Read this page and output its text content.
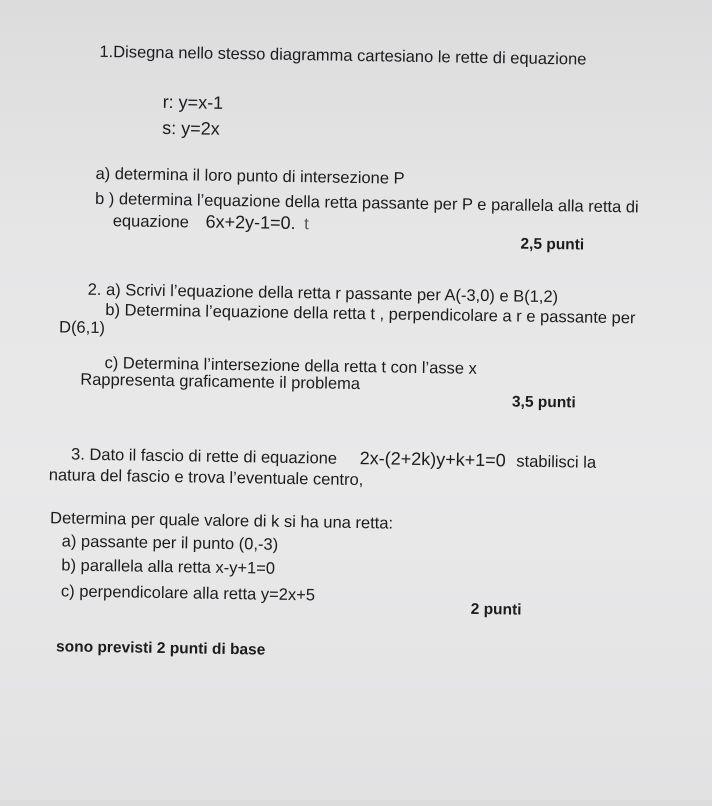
1.Disegna nello stesso diagramma cartesiano le rette di equazione
r: y=x-1
s: y=2x
a) determina il loro punto di intersezione P
b ) determina l’equazione della retta passante per P e parallela alla retta di
equazione 6x+2y-1=0. t
2,5 punti
2. a) Scrivi l’equazione della retta r passante per A(-3,0) e B(1,2)
b) Determina l’equazione della retta t , perpendicolare a r e passante per
D(6,1)
c) Determina l’intersezione della retta t con l’asse x
Rappresenta graficamente il problema
3,5 punti
3. Dato il fascio di rette di equazione 2x-(2+2k)y+k+1=0 stabilisci la
natura del fascio e trova l’eventuale centro,
Determina per quale valore di k si ha una retta:
a) passante per il punto (0,-3)
b) parallela alla retta x-y+1=0
c) perpendicolare alla retta y=2x+5
2 punti
sono previsti 2 punti di base
